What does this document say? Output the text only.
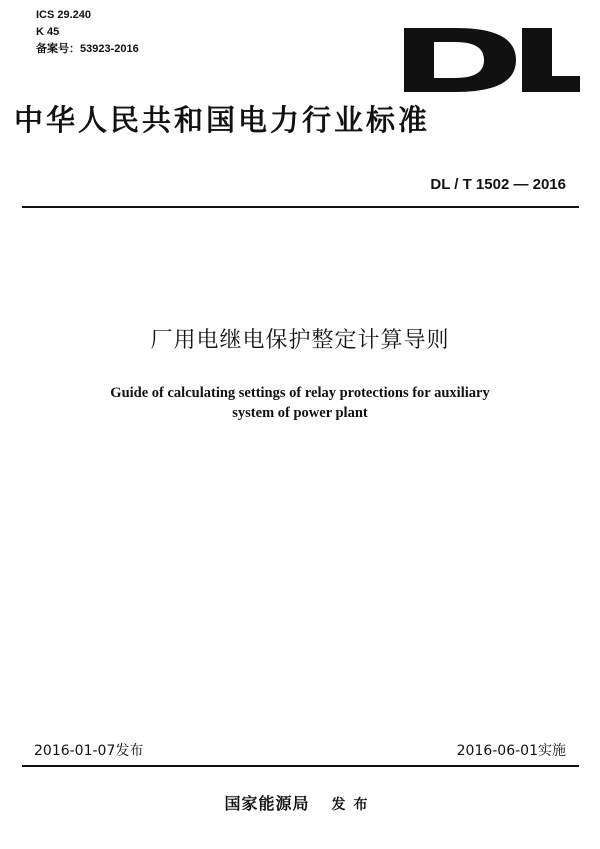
ICS 29.240
K 45
备案号：53923-2016
中华人民共和国电力行业标准
DL / T 1502 — 2016
厂用电继电保护整定计算导则
Guide of calculating settings of relay protections for auxiliary
system of power plant
2016-01-07发布	2016-06-01实施
国家能源局 发布
